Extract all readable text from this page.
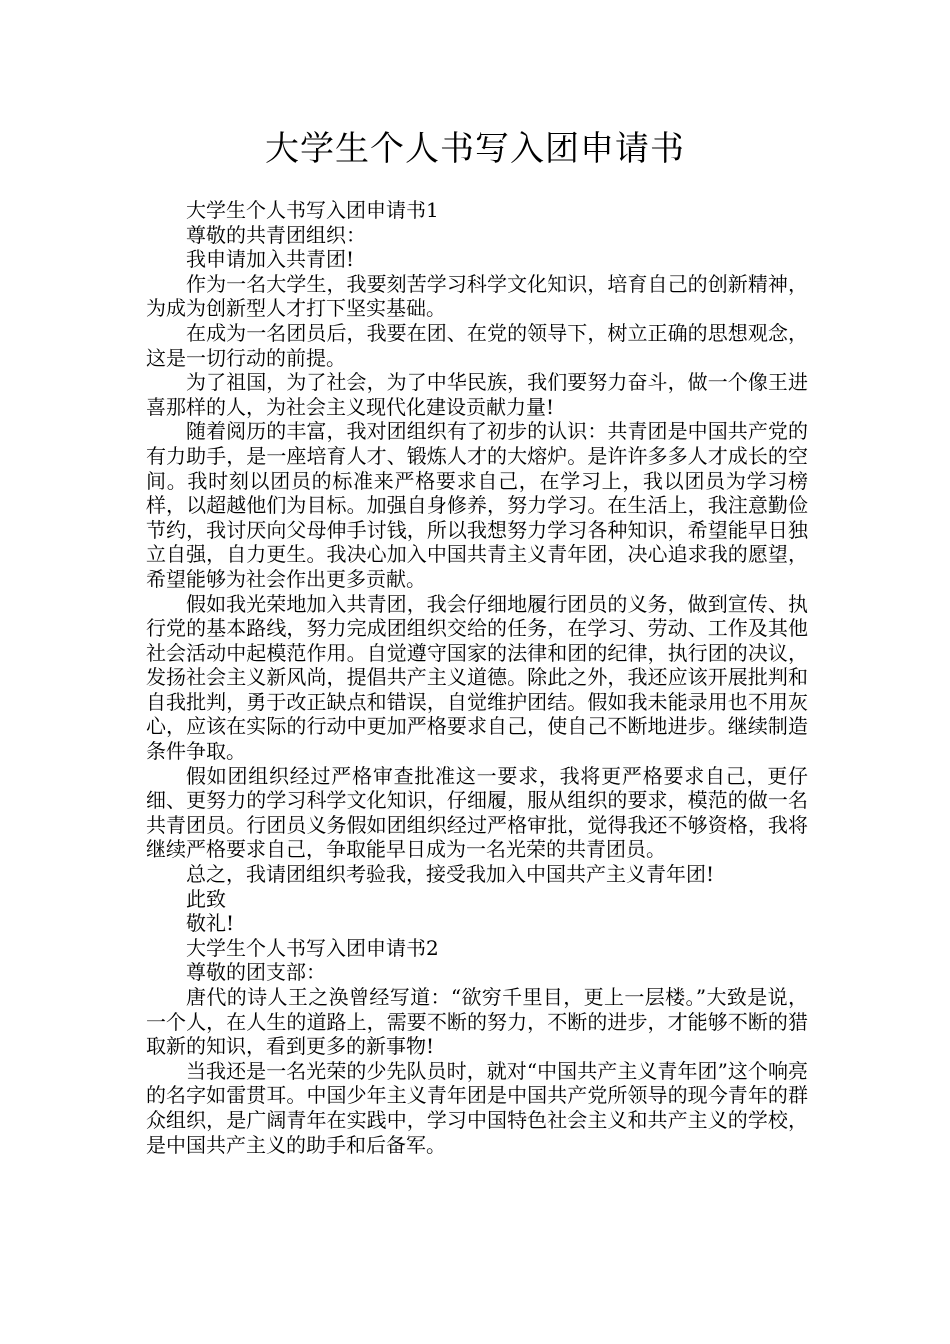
大学生个人书写入团申请书

大学生个人书写入团申请书1

尊敬的共青团组织：

我申请加入共青团!

作为一名大学生，我要刻苦学习科学文化知识，培育自己的创新精神，为成为创新型人才打下坚实基础。

在成为一名团员后，我要在团、在党的领导下，树立正确的思想观念，这是一切行动的前提。

为了祖国，为了社会，为了中华民族，我们要努力奋斗，做一个像王进喜那样的人，为社会主义现代化建设贡献力量!

随着阅历的丰富，我对团组织有了初步的认识：共青团是中国共产党的有力助手，是一座培育人才、锻炼人才的大熔炉。是许许多多人才成长的空间。我时刻以团员的标准来严格要求自己，在学习上，我以团员为学习榜样，以超越他们为目标。加强自身修养，努力学习。在生活上，我注意勤俭节约，我讨厌向父母伸手讨钱，所以我想努力学习各种知识，希望能早日独立自强，自力更生。我决心加入中国共青主义青年团，决心追求我的愿望，希望能够为社会作出更多贡献。

假如我光荣地加入共青团，我会仔细地履行团员的义务，做到宣传、执行党的基本路线，努力完成团组织交给的任务，在学习、劳动、工作及其他社会活动中起模范作用。自觉遵守国家的法律和团的纪律，执行团的决议，发扬社会主义新风尚，提倡共产主义道德。除此之外，我还应该开展批判和自我批判，勇于改正缺点和错误，自觉维护团结。假如我未能录用也不用灰心，应该在实际的行动中更加严格要求自己，使自己不断地进步。继续制造条件争取。

假如团组织经过严格审查批准这一要求，我将更严格要求自己，更仔细、更努力的学习科学文化知识，仔细履，服从组织的要求，模范的做一名共青团员。行团员义务假如团组织经过严格审批，觉得我还不够资格，我将继续严格要求自己，争取能早日成为一名光荣的共青团员。

总之，我请团组织考验我，接受我加入中国共产主义青年团!

此致

敬礼!

大学生个人书写入团申请书2

尊敬的团支部：

唐代的诗人王之涣曾经写道：“欲穷千里目，更上一层楼。”大致是说，一个人，在人生的道路上，需要不断的努力，不断的进步，才能够不断的猎取新的知识，看到更多的新事物!

当我还是一名光荣的少先队员时，就对“中国共产主义青年团”这个响亮的名字如雷贯耳。中国少年主义青年团是中国共产党所领导的现今青年的群众组织，是广阔青年在实践中，学习中国特色社会主义和共产主义的学校，是中国共产主义的助手和后备军。
